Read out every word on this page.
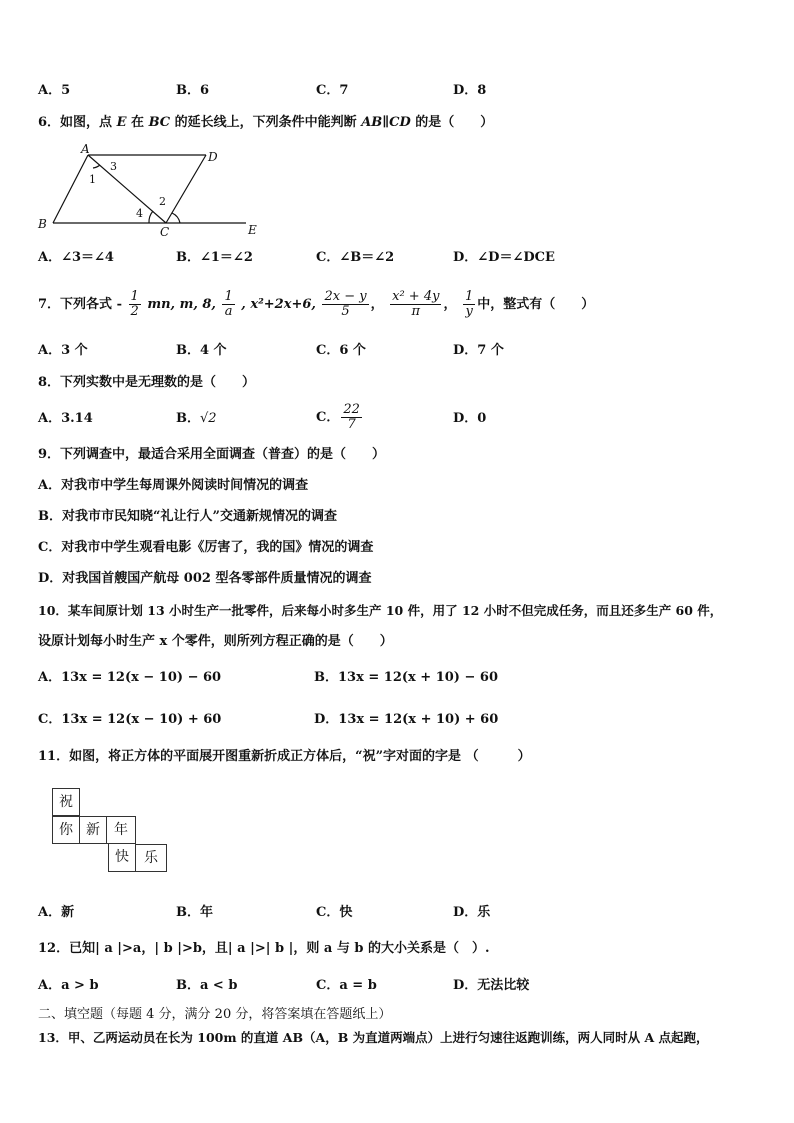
A．5	B．6	C．7	D．8
6．如图，点 E 在 BC 的延长线上，下列条件中能判断 AB∥CD 的是（　　）
A
B
C
D
E
1
3
4
2
A．∠3＝∠4	B．∠1＝∠2	C．∠B＝∠2	D．∠D＝∠DCE
7．下列各式 - $\frac{1}{2}$ mn, m, 8, $\frac{1}{a}$ , x²+2x+6, $\frac{2x - y}{5}$ ， $\frac{\text{x² + 4y}}{\pi}$ ， $\frac{1}{y}$ 中，整式有（　　）
A．3 个	B．4 个	C．6 个	D．7 个
8．下列实数中是无理数的是（　　）
A．3.14	B．√2	C． $\frac{22}{7}$	D．0
9．下列调查中，最适合采用全面调查（普查）的是（　　）
A．对我市中学生每周课外阅读时间情况的调查
B．对我市市民知晓“礼让行人”交通新规情况的调查
C．对我市中学生观看电影《厉害了，我的国》情况的调查
D．对我国首艘国产航母 002 型各零部件质量情况的调查
10．某车间原计划 13 小时生产一批零件，后来每小时多生产 10 件，用了 12 小时不但完成任务，而且还多生产 60 件，
设原计划每小时生产 x 个零件，则所列方程正确的是（　　）
A．13x = 12(x − 10) − 60	B．13x = 12(x + 10) − 60
C．13x = 12(x − 10) + 60	D．13x = 12(x + 10) + 60
11．如图，将正方体的平面展开图重新折成正方体后，“祝”字对面的字是 （　　　）
祝
你 新	年
快	乐
A．新	B．年	C．快	D．乐
12．已知| a |>a，| b |>b，且| a |>| b |，则 a 与 b 的大小关系是（　）.
A．a > b	B．a < b	C．a = b	D．无法比较
二、填空题（每题 4 分，满分 20 分，将答案填在答题纸上）
13．甲、乙两运动员在长为 100m 的直道 AB（A，B 为直道两端点）上进行匀速往返跑训练，两人同时从 A 点起跑，
